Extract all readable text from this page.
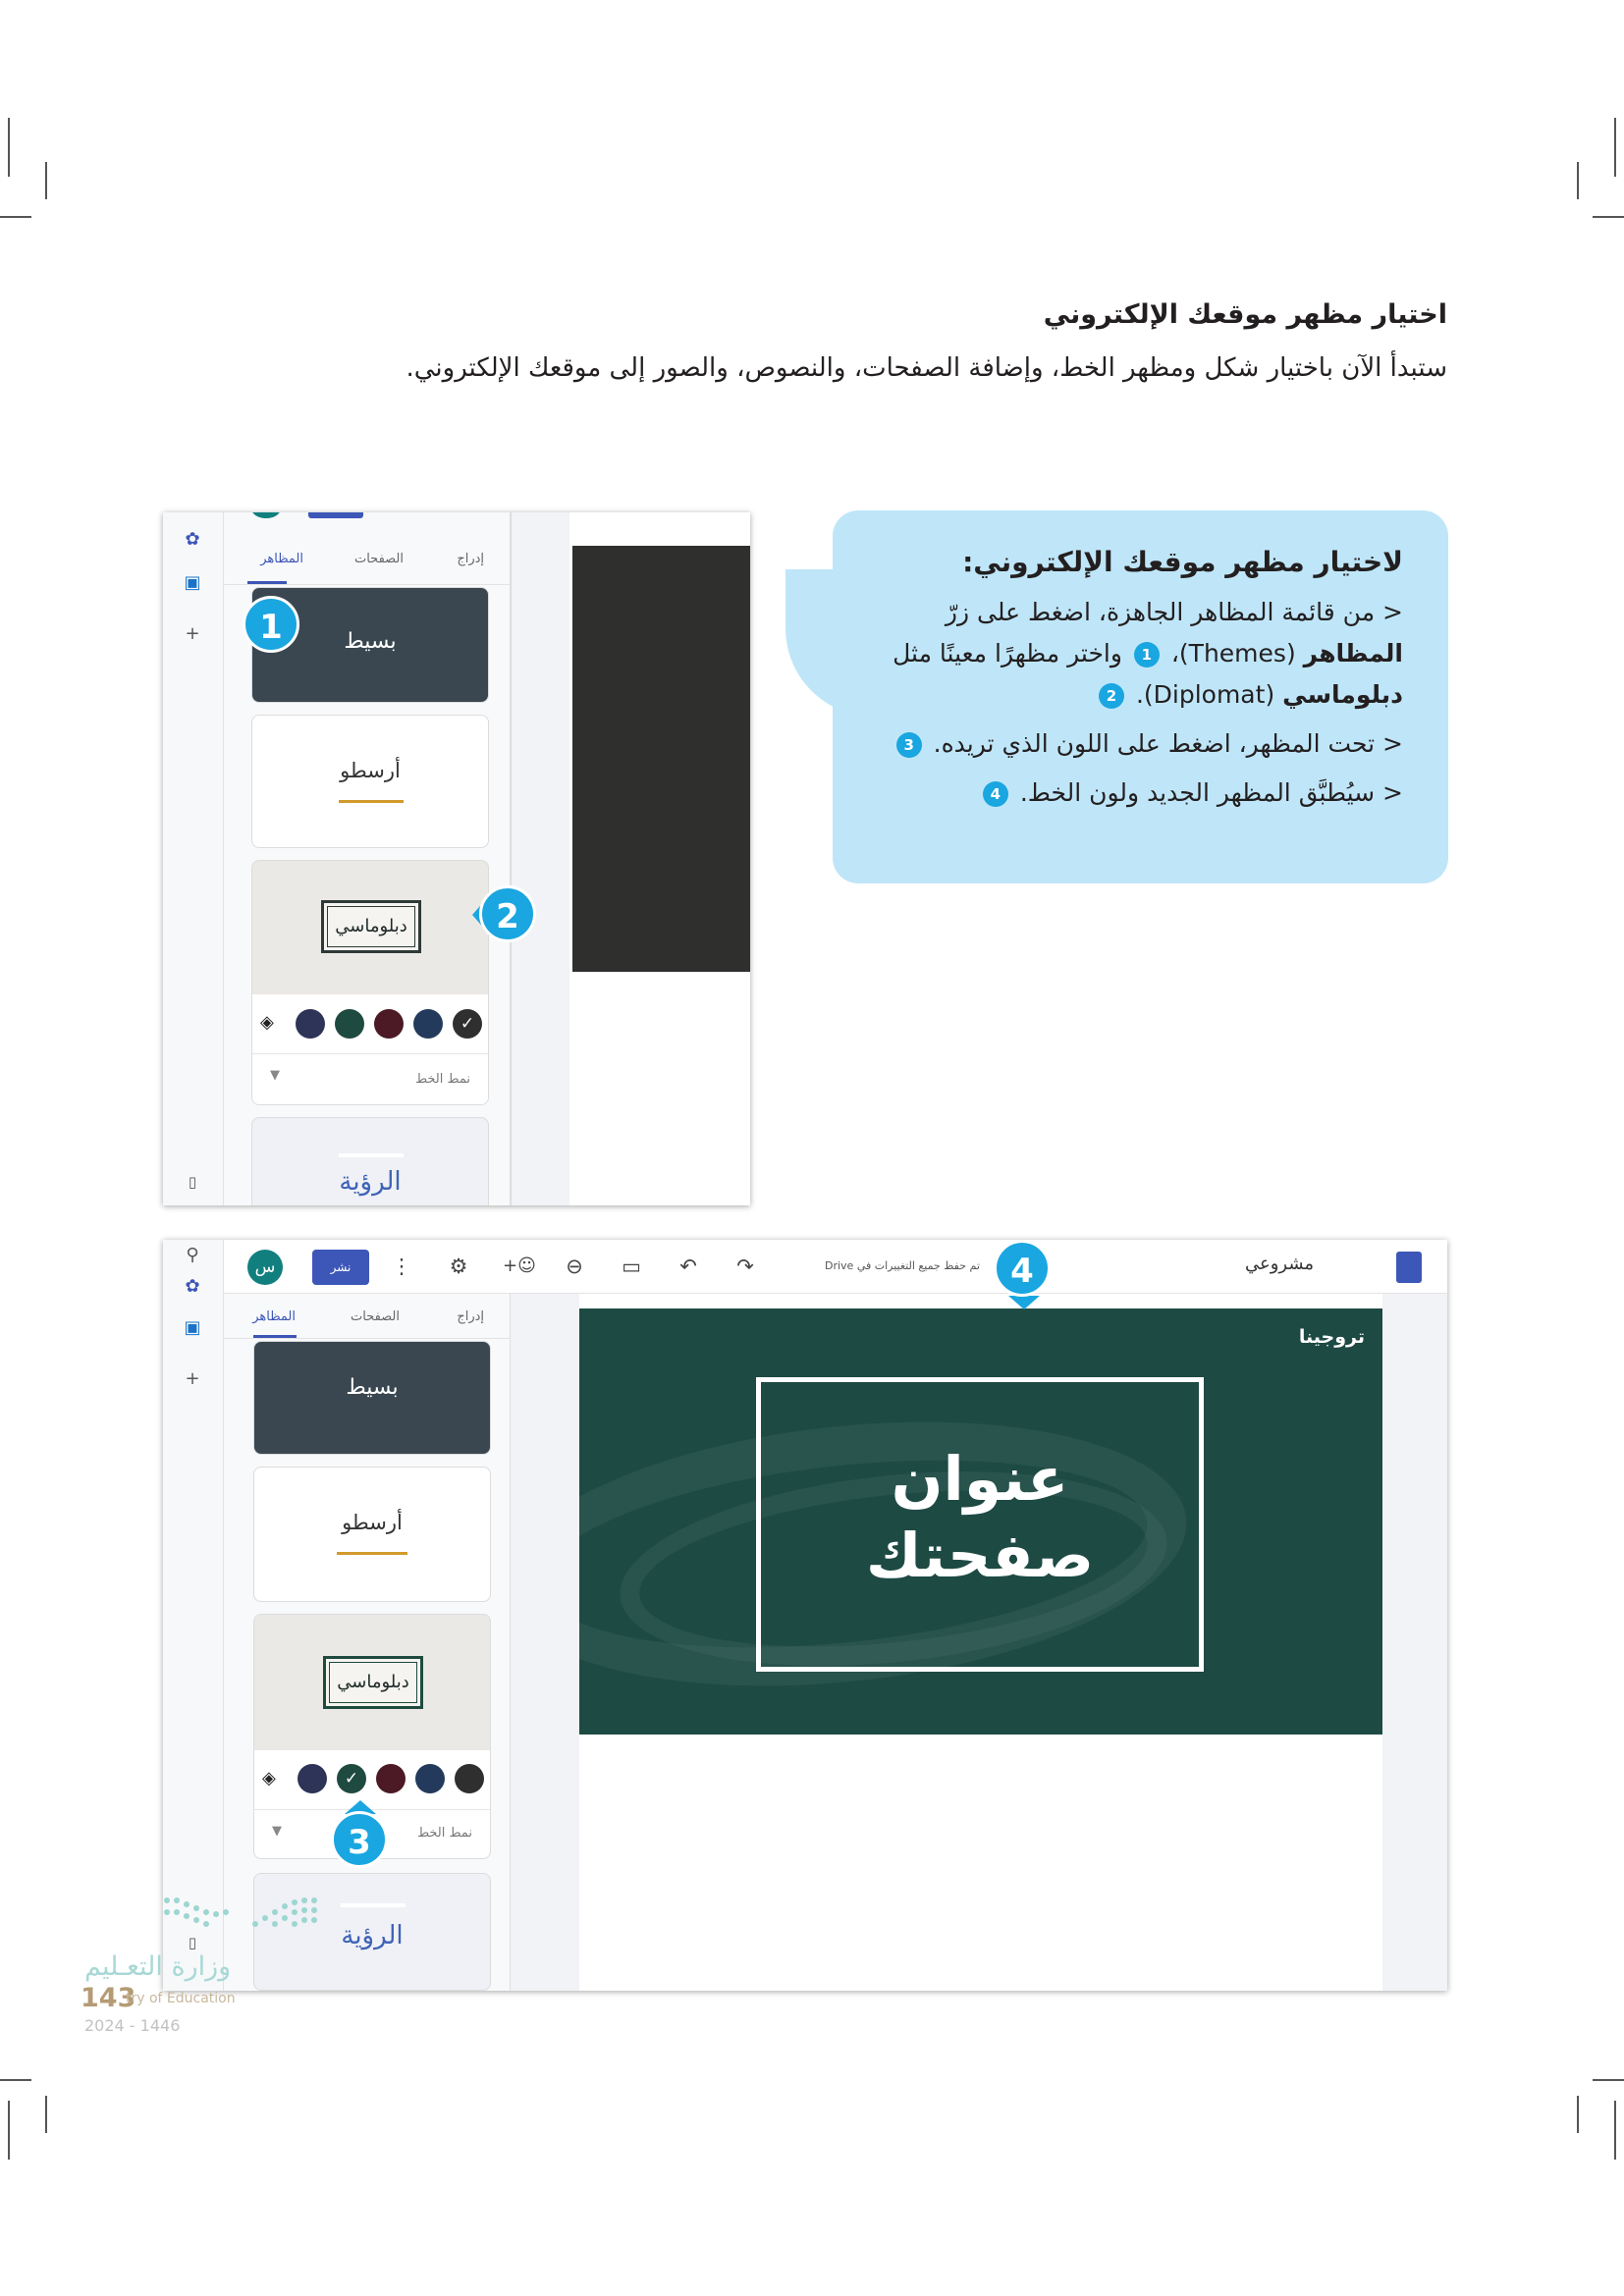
اختيار مظهر موقعك الإلكتروني
ستبدأ الآن باختيار شكل ومظهر الخط، وإضافة الصفحات، والنصوص، والصور إلى موقعك الإلكتروني.
✿
▣
+
▯
إدراج
الصفحات
المظاهر
بسيط
أرسطو
دبلوماسي
✓
◈
نمط الخط
▼
الرؤية
1
2
لاختيار مظهر موقعك الإلكتروني:

< من قائمة المظاهر الجاهزة، اضغط على زرّ المظاهر (Themes)، 1 واختر مظهرًا معينًا مثل دبلوماسي (Diplomat). 2

< تحت المظهر، اضغط على اللون الذي تريده. 3

< سيُطبَّق المظهر الجديد ولون الخط. 4

⚲
✿
▣
+
▯
س	نشر	⋮ ⚙ +☺ ⊖ ▭ ↶ ↷	تم حفظ جميع التغييرات في Drive	مشروعي
إدراج
الصفحات
المظاهر
بسيط
أرسطو
دبلوماسي
✓
◈
نمط الخط
▼
الرؤية
تروجينا
عنوان
صفحتك
4
3
وزارة التعـليم
143
try of Education
2024 - 1446
